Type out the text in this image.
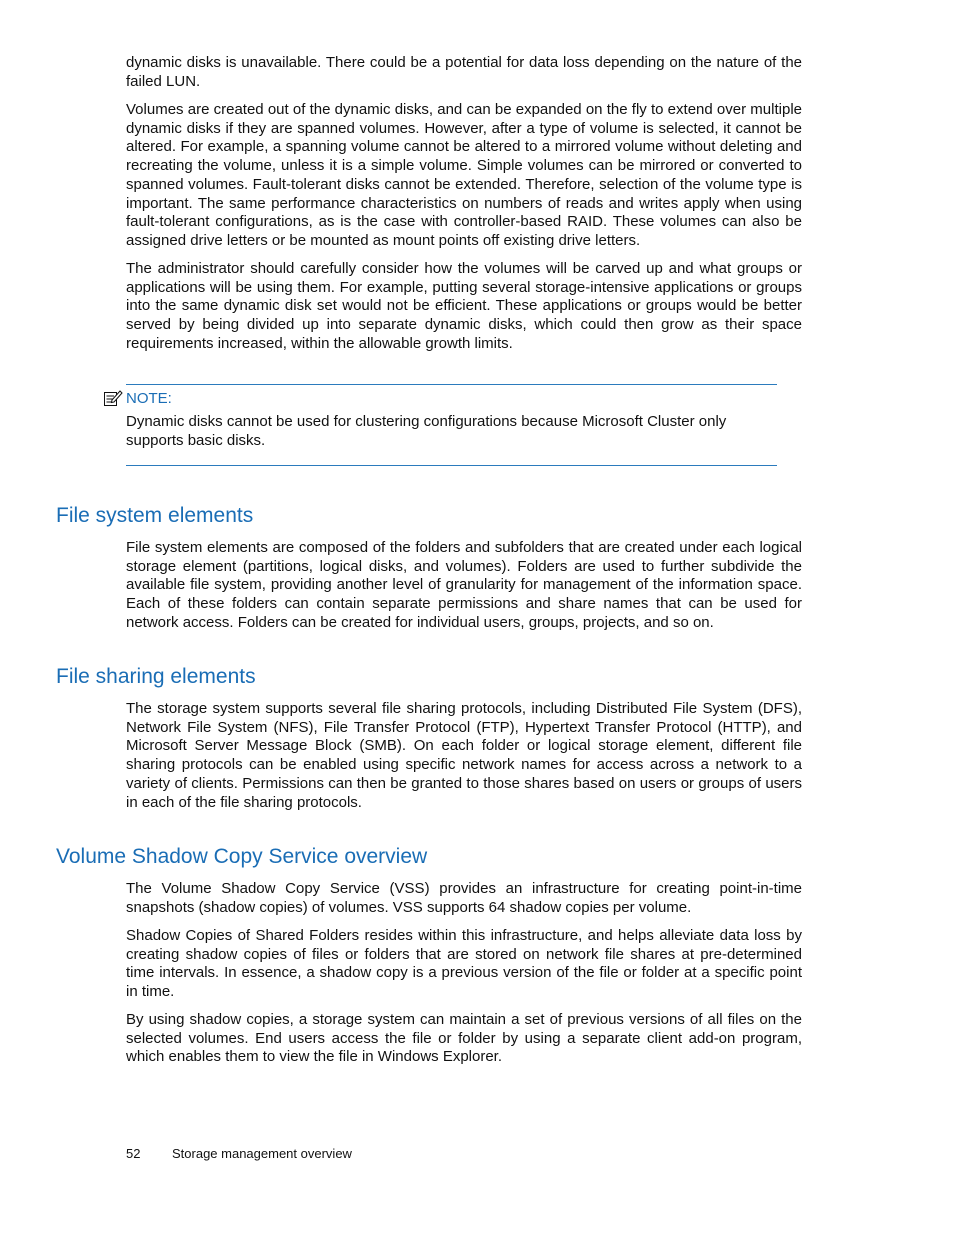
dynamic disks is unavailable. There could be a potential for data loss depending on the nature of the failed LUN.

Volumes are created out of the dynamic disks, and can be expanded on the fly to extend over multiple dynamic disks if they are spanned volumes. However, after a type of volume is selected, it cannot be altered. For example, a spanning volume cannot be altered to a mirrored volume without deleting and recreating the volume, unless it is a simple volume. Simple volumes can be mirrored or converted to spanned volumes. Fault-tolerant disks cannot be extended. Therefore, selection of the volume type is important. The same performance characteristics on numbers of reads and writes apply when using fault-tolerant configurations, as is the case with controller-based RAID. These volumes can also be assigned drive letters or be mounted as mount points off existing drive letters.

The administrator should carefully consider how the volumes will be carved up and what groups or applications will be using them. For example, putting several storage-intensive applications or groups into the same dynamic disk set would not be efficient. These applications or groups would be better served by being divided up into separate dynamic disks, which could then grow as their space requirements increased, within the allowable growth limits.

NOTE:

Dynamic disks cannot be used for clustering configurations because Microsoft Cluster only supports basic disks.

File system elements

File system elements are composed of the folders and subfolders that are created under each logical storage element (partitions, logical disks, and volumes). Folders are used to further subdivide the available file system, providing another level of granularity for management of the information space. Each of these folders can contain separate permissions and share names that can be used for network access. Folders can be created for individual users, groups, projects, and so on.

File sharing elements

The storage system supports several file sharing protocols, including Distributed File System (DFS), Network File System (NFS), File Transfer Protocol (FTP), Hypertext Transfer Protocol (HTTP), and Microsoft Server Message Block (SMB). On each folder or logical storage element, different file sharing protocols can be enabled using specific network names for access across a network to a variety of clients. Permissions can then be granted to those shares based on users or groups of users in each of the file sharing protocols.

Volume Shadow Copy Service overview

The Volume Shadow Copy Service (VSS) provides an infrastructure for creating point-in-time snapshots (shadow copies) of volumes. VSS supports 64 shadow copies per volume.

Shadow Copies of Shared Folders resides within this infrastructure, and helps alleviate data loss by creating shadow copies of files or folders that are stored on network file shares at pre-determined time intervals. In essence, a shadow copy is a previous version of the file or folder at a specific point in time.

By using shadow copies, a storage system can maintain a set of previous versions of all files on the selected volumes. End users access the file or folder by using a separate client add-on program, which enables them to view the file in Windows Explorer.

52 Storage management overview
